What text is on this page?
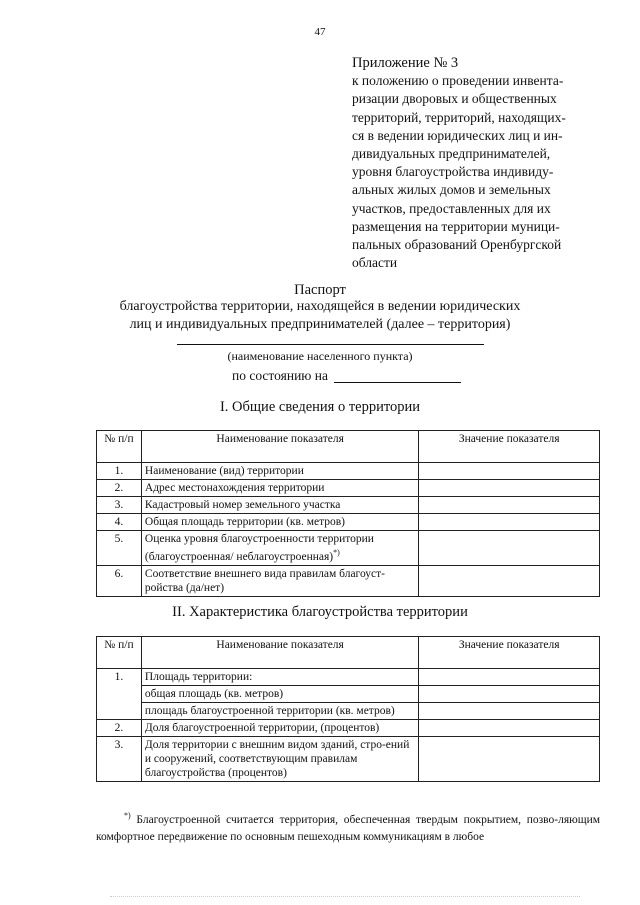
47
Приложение № 3
к положению о проведении инвента-
ризации дворовых и общественных
территорий, территорий, находящих-
ся в ведении юридических лиц и ин-
дивидуальных предпринимателей,
уровня благоустройства индивиду-
альных жилых домов и земельных
участков, предоставленных для их
размещения на территории муници-
пальных образований Оренбургской
области
Паспорт
благоустройства территории, находящейся в ведении юридических
лиц и индивидуальных предпринимателей (далее – территория)
(наименование населенного пункта)
по состоянию на
I. Общие сведения о территории
№ п/п	Наименование показателя	Значение показателя
1.	Наименование (вид) территории	
2.	Адрес местонахождения территории	
3.	Кадастровый номер земельного участка	
4.	Общая площадь территории (кв. метров)	
5.	Оценка уровня благоустроенности территории (благоустроенная/ неблагоустроенная)*)	
6.	Соответствие внешнего вида правилам благоуст-ройства (да/нет)	
II. Характеристика благоустройства территории
№ п/п	Наименование показателя	Значение показателя
1.	Площадь территории:	
	общая площадь (кв. метров)	
	площадь благоустроенной территории (кв. метров)	
2.	Доля благоустроенной территории, (процентов)	
3.	Доля территории с внешним видом зданий, стро-ений и сооружений, соответствующим правилам благоустройства (процентов)	
*) Благоустроенной считается территория, обеспеченная твердым покрытием, позво-ляющим комфортное передвижение по основным пешеходным коммуникациям в любое
